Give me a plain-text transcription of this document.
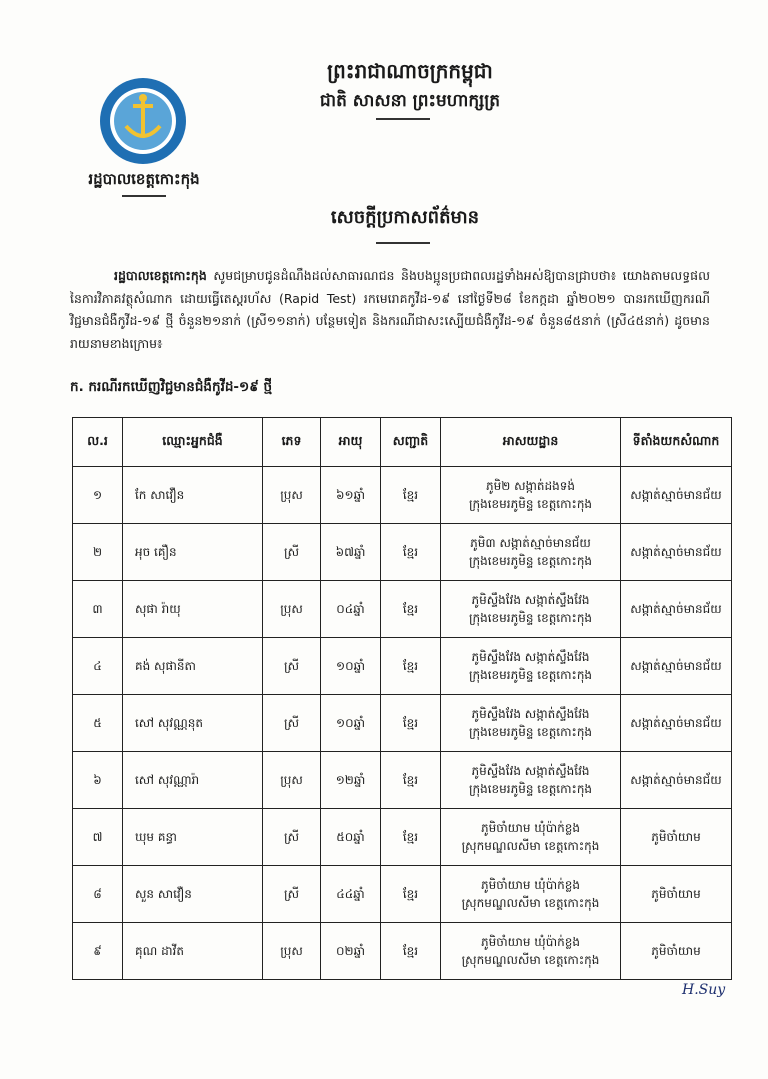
ព្រះរាជាណាចក្រកម្ពុជា
ជាតិ សាសនា ព្រះមហាក្សត្រ
រដ្ឋបាលខេត្តកោះកុង
សេចក្តីប្រកាសព័ត៌មាន
រដ្ឋបាលខេត្តកោះកុង សូមជម្រាបជូនដំណឹងដល់សាធារណជន និងបងប្អូនប្រជាពលរដ្ឋទាំងអស់ឱ្យបានជ្រាបថា៖ យោងតាមលទ្ធផលនៃការវិភាគវត្ថុសំណាក ដោយធ្វើតេស្តរហ័ស (Rapid Test) រកមេរោគកូវីដ-១៩ នៅថ្ងៃទី២៨ ខែកក្កដា ឆ្នាំ២០២១ បានរកឃើញករណីវិជ្ជមានជំងឺកូវីដ-១៩ ថ្មី ចំនួន២១នាក់ (ស្រី១១នាក់) បន្ថែមទៀត និងករណីជាសះស្បើយជំងឺកូវីដ-១៩ ចំនួន៨៥នាក់ (ស្រី៤៥នាក់) ដូចមានរាយនាមខាងក្រោម៖
ក. ករណីរកឃើញវិជ្ជមានជំងឺកូវីដ-១៩ ថ្មី
ល.រ	ឈ្មោះអ្នកជំងឺ	ភេទ	អាយុ	សញ្ជាតិ	អាសយដ្ឋាន	ទីតាំងយកសំណាក
១	កែ សាវឿន	ប្រុស	៦១ឆ្នាំ	ខ្មែរ	ភូមិ២ សង្កាត់ដងទង់
ក្រុងខេមរភូមិន្ទ ខេត្តកោះកុង	សង្កាត់ស្មាច់មានជ័យ
២	អុច គឿន	ស្រី	៦៧ឆ្នាំ	ខ្មែរ	ភូមិ៣ សង្កាត់ស្មាច់មានជ័យ
ក្រុងខេមរភូមិន្ទ ខេត្តកោះកុង	សង្កាត់ស្មាច់មានជ័យ
៣	សុផា រ៉ាយុ	ប្រុស	០៤ឆ្នាំ	ខ្មែរ	ភូមិស្ទឹងវែង សង្កាត់ស្ទឹងវែង
ក្រុងខេមរភូមិន្ទ ខេត្តកោះកុង	សង្កាត់ស្មាច់មានជ័យ
៤	គង់ សុផានីតា	ស្រី	១០ឆ្នាំ	ខ្មែរ	ភូមិស្ទឹងវែង សង្កាត់ស្ទឹងវែង
ក្រុងខេមរភូមិន្ទ ខេត្តកោះកុង	សង្កាត់ស្មាច់មានជ័យ
៥	សៅ សុវណ្ណនុត	ស្រី	១០ឆ្នាំ	ខ្មែរ	ភូមិស្ទឹងវែង សង្កាត់ស្ទឹងវែង
ក្រុងខេមរភូមិន្ទ ខេត្តកោះកុង	សង្កាត់ស្មាច់មានជ័យ
៦	សៅ សុវណ្ណារ៉ា	ប្រុស	១២ឆ្នាំ	ខ្មែរ	ភូមិស្ទឹងវែង សង្កាត់ស្ទឹងវែង
ក្រុងខេមរភូមិន្ទ ខេត្តកោះកុង	សង្កាត់ស្មាច់មានជ័យ
៧	ឃុម គន្ធា	ស្រី	៥០ឆ្នាំ	ខ្មែរ	ភូមិចាំយាម ឃុំប៉ាក់ខ្លង
ស្រុកមណ្ឌលសីមា ខេត្តកោះកុង	ភូមិចាំយាម
៨	សួន សាវឿន	ស្រី	៤៤ឆ្នាំ	ខ្មែរ	ភូមិចាំយាម ឃុំប៉ាក់ខ្លង
ស្រុកមណ្ឌលសីមា ខេត្តកោះកុង	ភូមិចាំយាម
៩	គុណ ដាវីត	ប្រុស	០២ឆ្នាំ	ខ្មែរ	ភូមិចាំយាម ឃុំប៉ាក់ខ្លង
ស្រុកមណ្ឌលសីមា ខេត្តកោះកុង	ភូមិចាំយាម
H.Suy
